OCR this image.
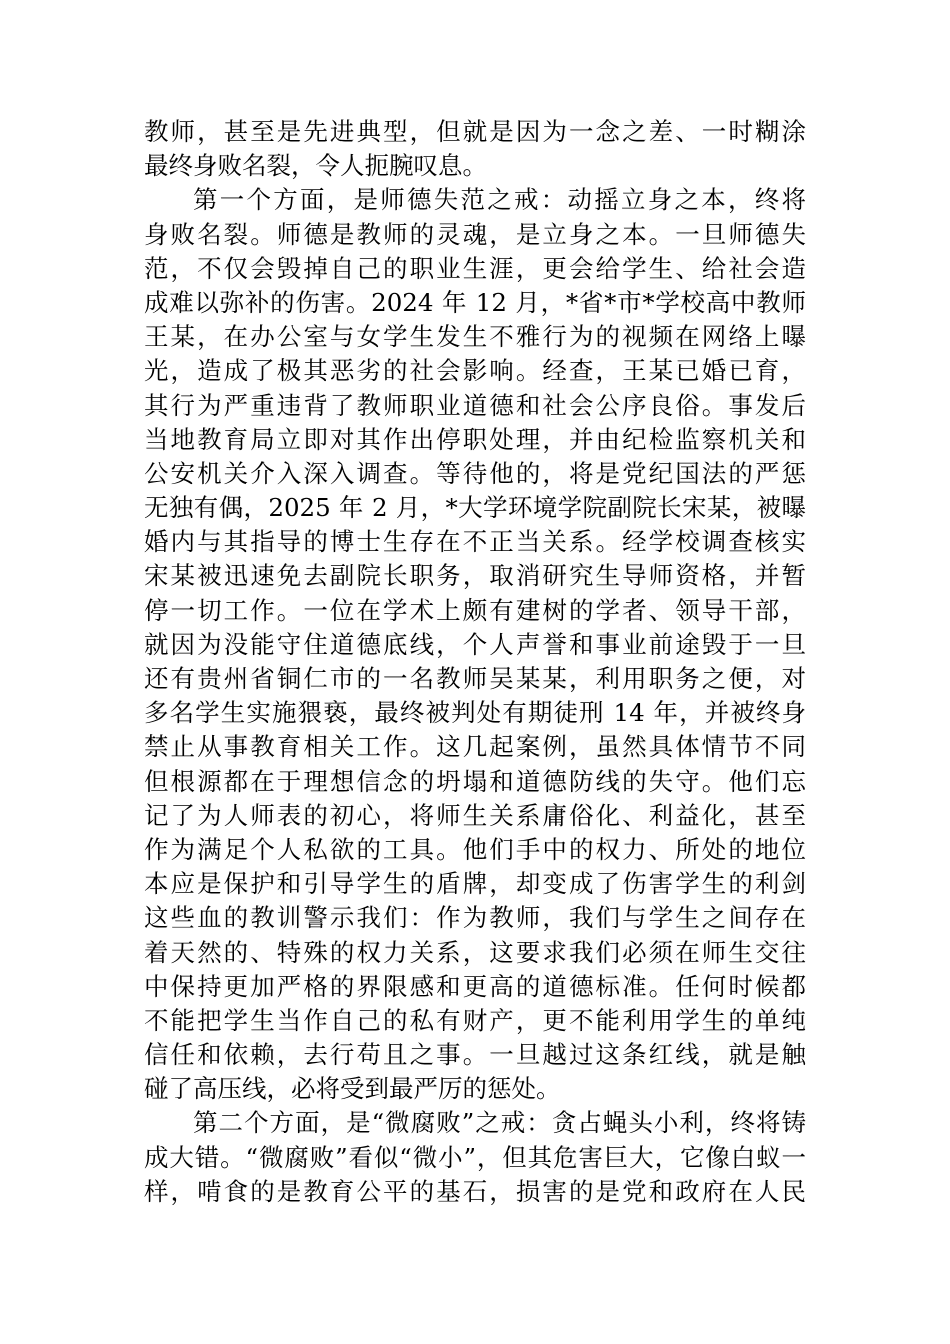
教师，甚至是先进典型，但就是因为一念之差、一时糊涂
最终身败名裂，令人扼腕叹息。
第一个方面，是师德失范之戒：动摇立身之本，终将
身败名裂。师德是教师的灵魂，是立身之本。一旦师德失
范，不仅会毁掉自己的职业生涯，更会给学生、给社会造
成难以弥补的伤害。2024 年 12 月，*省*市*学校高中教师
王某，在办公室与女学生发生不雅行为的视频在网络上曝
光，造成了极其恶劣的社会影响。经查，王某已婚已育，
其行为严重违背了教师职业道德和社会公序良俗。事发后
当地教育局立即对其作出停职处理，并由纪检监察机关和
公安机关介入深入调查。等待他的，将是党纪国法的严惩
无独有偶，2025 年 2 月，*大学环境学院副院长宋某，被曝
婚内与其指导的博士生存在不正当关系。经学校调查核实
宋某被迅速免去副院长职务，取消研究生导师资格，并暂
停一切工作。一位在学术上颇有建树的学者、领导干部，
就因为没能守住道德底线，个人声誉和事业前途毁于一旦
还有贵州省铜仁市的一名教师吴某某，利用职务之便，对
多名学生实施猥亵，最终被判处有期徒刑 14 年，并被终身
禁止从事教育相关工作。这几起案例，虽然具体情节不同
但根源都在于理想信念的坍塌和道德防线的失守。他们忘
记了为人师表的初心，将师生关系庸俗化、利益化，甚至
作为满足个人私欲的工具。他们手中的权力、所处的地位
本应是保护和引导学生的盾牌，却变成了伤害学生的利剑
这些血的教训警示我们：作为教师，我们与学生之间存在
着天然的、特殊的权力关系，这要求我们必须在师生交往
中保持更加严格的界限感和更高的道德标准。任何时候都
不能把学生当作自己的私有财产，更不能利用学生的单纯
信任和依赖，去行苟且之事。一旦越过这条红线，就是触
碰了高压线，必将受到最严厉的惩处。
第二个方面，是“微腐败”之戒：贪占蝇头小利，终将铸
成大错。“微腐败”看似“微小”，但其危害巨大，它像白蚁一
样，啃食的是教育公平的基石，损害的是党和政府在人民
